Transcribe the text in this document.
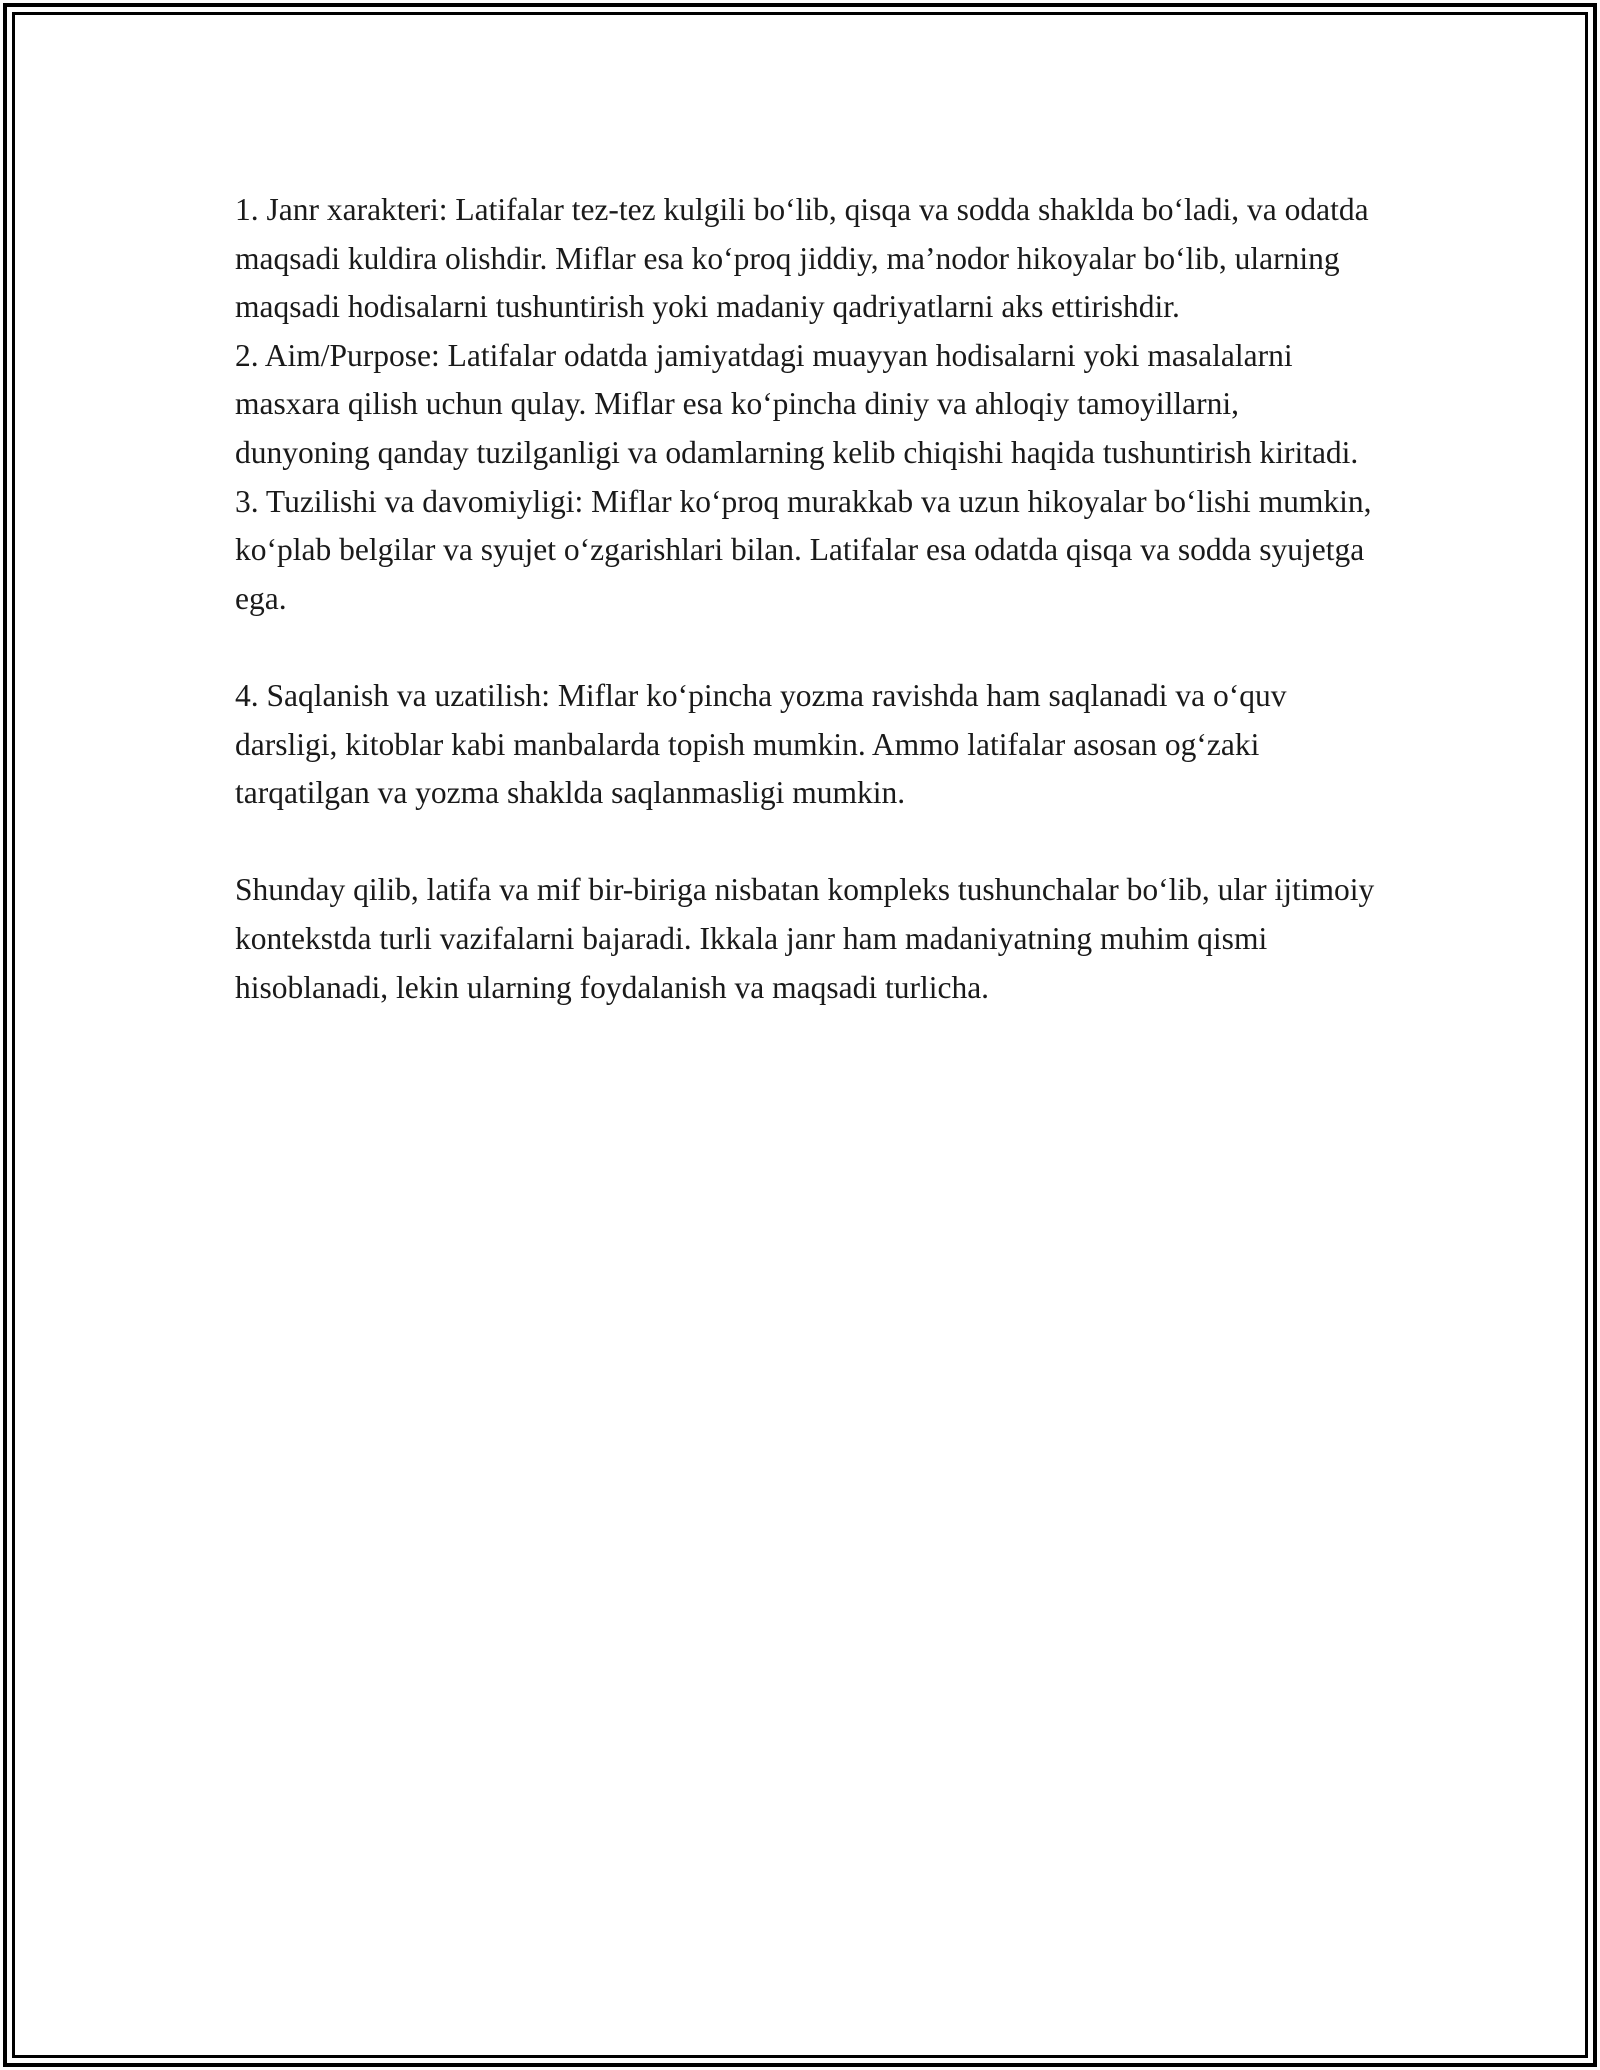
1. Janr xarakteri: Latifalar tez-tez kulgili bo‘lib, qisqa va sodda shaklda bo‘ladi, va odatda maqsadi kuldira olishdir. Miflar esa ko‘proq jiddiy, ma’nodor hikoyalar bo‘lib, ularning maqsadi hodisalarni tushuntirish yoki madaniy qadriyatlarni aks ettirishdir.

2. Aim/Purpose: Latifalar odatda jamiyatdagi muayyan hodisalarni yoki masalalarni masxara qilish uchun qulay. Miflar esa ko‘pincha diniy va ahloqiy tamoyillarni, dunyoning qanday tuzilganligi va odamlarning kelib chiqishi haqida tushuntirish kiritadi.

3. Tuzilishi va davomiyligi: Miflar ko‘proq murakkab va uzun hikoyalar bo‘lishi mumkin, ko‘plab belgilar va syujet o‘zgarishlari bilan. Latifalar esa odatda qisqa va sodda syujetga ega.

4. Saqlanish va uzatilish: Miflar ko‘pincha yozma ravishda ham saqlanadi va o‘quv darsligi, kitoblar kabi manbalarda topish mumkin. Ammo latifalar asosan og‘zaki tarqatilgan va yozma shaklda saqlanmasligi mumkin.

Shunday qilib, latifa va mif bir-biriga nisbatan kompleks tushunchalar bo‘lib, ular ijtimoiy kontekstda turli vazifalarni bajaradi. Ikkala janr ham madaniyatning muhim qismi hisoblanadi, lekin ularning foydalanish va maqsadi turlicha.
